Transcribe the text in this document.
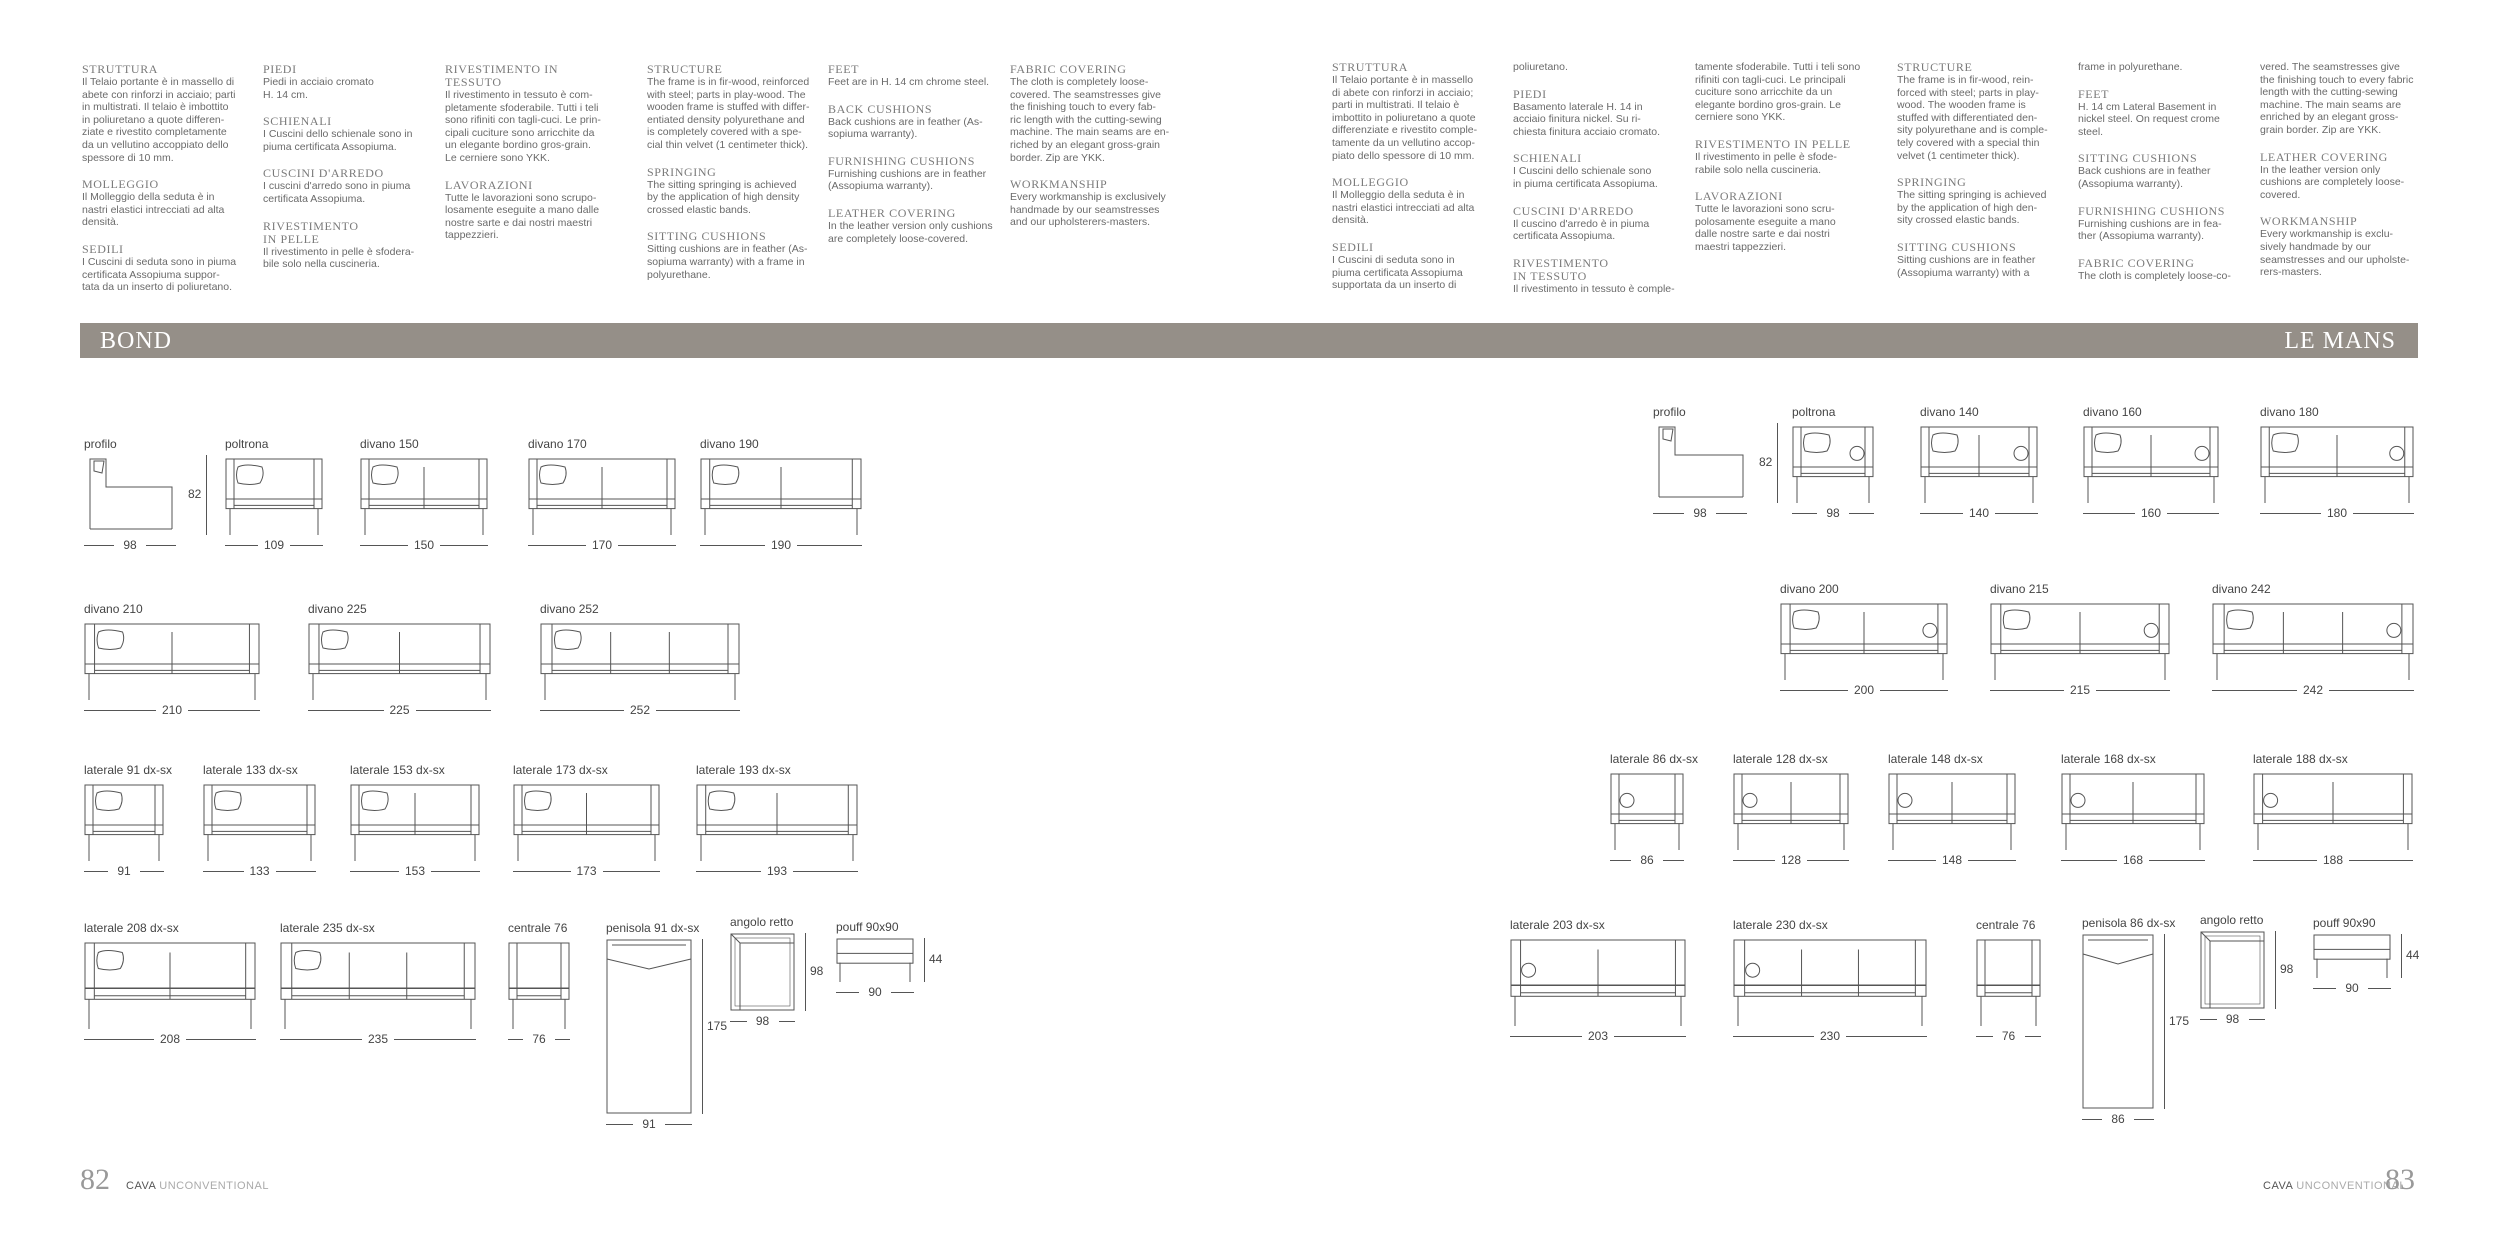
STRUTTURA
Il Telaio portante è in massello di
abete con rinforzi in acciaio; parti
in multistrati. Il telaio è imbottito
in poliuretano a quote differen-
ziate e rivestito completamente
da un vellutino accoppiato dello
spessore di 10 mm.
MOLLEGGIO
Il Molleggio della seduta è in
nastri elastici intrecciati ad alta
densità.
SEDILI
I Cuscini di seduta sono in piuma
certificata Assopiuma suppor-
tata da un inserto di poliuretano.
PIEDI
Piedi in acciaio cromato
H. 14 cm.
SCHIENALI
I Cuscini dello schienale sono in
piuma certificata Assopiuma.
CUSCINI D'ARREDO
I cuscini d'arredo sono in piuma
certificata Assopiuma.
RIVESTIMENTO
IN PELLE
Il rivestimento in pelle è sfodera-
bile solo nella cuscineria.
RIVESTIMENTO IN TESSUTO
Il rivestimento in tessuto è com-
pletamente sfoderabile. Tutti i teli
sono rifiniti con tagli-cuci. Le prin-
cipali cuciture sono arricchite da
un elegante bordino gros-grain.
Le cerniere sono YKK.
LAVORAZIONI
Tutte le lavorazioni sono scrupo-
losamente eseguite a mano dalle
nostre sarte e dai nostri maestri
tappezzieri.
STRUCTURE
The frame is in fir-wood, reinforced
with steel; parts in play-wood. The
wooden frame is stuffed with differ-
entiated density polyurethane and
is completely covered with a spe-
cial thin velvet (1 centimeter thick).
SPRINGING
The sitting springing is achieved
by the application of high density
crossed elastic bands.
SITTING CUSHIONS
Sitting cushions are in feather (As-
sopiuma warranty) with a frame in
polyurethane.
FEET
Feet are in H. 14 cm chrome steel.
BACK CUSHIONS
Back cushions are in feather (As-
sopiuma warranty).
FURNISHING CUSHIONS
Furnishing cushions are in feather
(Assopiuma warranty).
LEATHER COVERING
In the leather version only cushions
are completely loose-covered.
FABRIC COVERING
The cloth is completely loose-
covered. The seamstresses give
the finishing touch to every fab-
ric length with the cutting-sewing
machine. The main seams are en-
riched by an elegant gross-grain
border. Zip are YKK.
WORKMANSHIP
Every workmanship is exclusively
handmade by our seamstresses
and our upholsterers-masters.
STRUTTURA
Il Telaio portante è in massello
di abete con rinforzi in acciaio;
parti in multistrati. Il telaio è
imbottito in poliuretano a quote
differenziate e rivestito comple-
tamente da un vellutino accop-
piato dello spessore di 10 mm.
MOLLEGGIO
Il Molleggio della seduta è in
nastri elastici intrecciati ad alta
densità.
SEDILI
I Cuscini di seduta sono in
piuma certificata Assopiuma
supportata da un inserto di
poliuretano.
PIEDI
Basamento laterale H. 14 in
acciaio finitura nickel. Su ri-
chiesta finitura acciaio cromato.
SCHIENALI
I Cuscini dello schienale sono
in piuma certificata Assopiuma.
CUSCINI D'ARREDO
Il cuscino d'arredo è in piuma
certificata Assopiuma.
RIVESTIMENTO
IN TESSUTO
Il rivestimento in tessuto è comple-
tamente sfoderabile. Tutti i teli sono
rifiniti con tagli-cuci. Le principali
cuciture sono arricchite da un
elegante bordino gros-grain. Le
cerniere sono YKK.
RIVESTIMENTO IN PELLE
Il rivestimento in pelle è sfode-
rabile solo nella cuscineria.
LAVORAZIONI
Tutte le lavorazioni sono scru-
polosamente eseguite a mano
dalle nostre sarte e dai nostri
maestri tappezzieri.
STRUCTURE
The frame is in fir-wood, rein-
forced with steel; parts in play-
wood. The wooden frame is
stuffed with differentiated den-
sity polyurethane and is comple-
tely covered with a special thin
velvet (1 centimeter thick).
SPRINGING
The sitting springing is achieved
by the application of high den-
sity crossed elastic bands.
SITTING CUSHIONS
Sitting cushions are in feather
(Assopiuma warranty) with a
frame in polyurethane.
FEET
H. 14 cm Lateral Basement in
nickel steel. On request crome
steel.
SITTING CUSHIONS
Back cushions are in feather
(Assopiuma warranty).
FURNISHING CUSHIONS
Furnishing cushions are in fea-
ther (Assopiuma warranty).
FABRIC COVERING
The cloth is completely loose-co-
vered. The seamstresses give
the finishing touch to every fabric
length with the cutting-sewing
machine. The main seams are
enriched by an elegant gross-
grain border. Zip are YKK.
LEATHER COVERING
In the leather version only
cushions are completely loose-
covered.
WORKMANSHIP
Every workmanship is exclu-
sively handmade by our
seamstresses and our upholste-
rers-masters.
BOND	LE MANS
profilo
98
82
poltrona
109
divano 150
150
divano 170
170
divano 190
190
divano 210
210
divano 225
225
divano 252
252
laterale 91 dx-sx
91
laterale 133 dx-sx
133
laterale 153 dx-sx
153
laterale 173 dx-sx
173
laterale 193 dx-sx
193
laterale 208 dx-sx
208
laterale 235 dx-sx
235
centrale 76
76
penisola 91 dx-sx
91
175
angolo retto
98
98
pouff 90x90
90
44
profilo
98
82
poltrona
98
divano 140
140
divano 160
160
divano 180
180
divano 200
200
divano 215
215
divano 242
242
laterale 86 dx-sx
86
laterale 128 dx-sx
128
laterale 148 dx-sx
148
laterale 168 dx-sx
168
laterale 188 dx-sx
188
laterale 203 dx-sx
203
laterale 230 dx-sx
230
centrale 76
76
penisola 86 dx-sx
86
175
angolo retto
98
98
pouff 90x90
90
44
82 CAVA UNCONVENTIONAL	CAVA UNCONVENTIONAL
83
